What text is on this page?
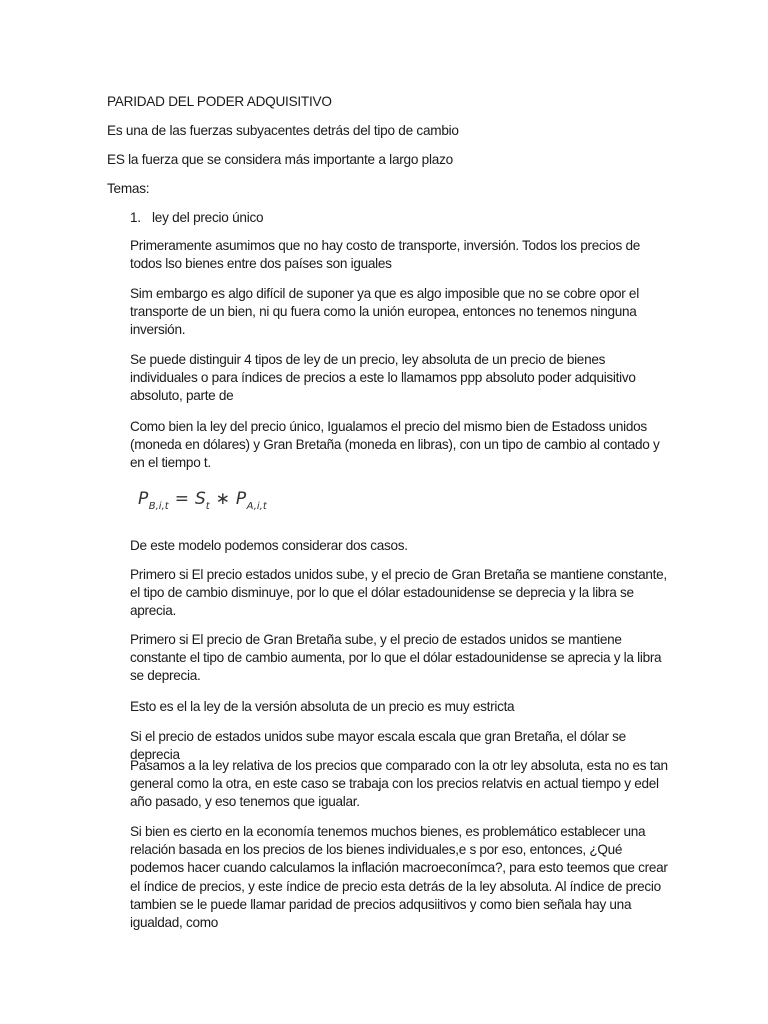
PARIDAD DEL PODER ADQUISITIVO
Es una de las fuerzas subyacentes detrás del tipo de cambio
ES la fuerza que se considera más importante a largo plazo
Temas:
1. ley del precio único

Primeramente asumimos que no hay costo de transporte, inversión. Todos los precios de todos lso bienes entre dos países son iguales

Sim embargo es algo difícil de suponer ya que es algo imposible que no se cobre opor el transporte de un bien, ni qu fuera como la unión europea, entonces no tenemos ninguna inversión.

Se puede distinguir 4 tipos de ley de un precio, ley absoluta de un precio de bienes individuales o para índices de precios a este lo llamamos ppp absoluto poder adquisitivo absoluto, parte de

Como bien la ley del precio único, Igualamos el precio del mismo bien de Estadoss unidos (moneda en dólares) y Gran Bretaña (moneda en libras), con un tipo de cambio al contado y en el tiempo t.

$P_{B,i,t} = S_t$ ∗ $P_{A,i,t}$

De este modelo podemos considerar dos casos.

Primero si El precio estados unidos sube, y el precio de Gran Bretaña se mantiene constante, el tipo de cambio disminuye, por lo que el dólar estadounidense se deprecia y la libra se aprecia.

Primero si El precio de Gran Bretaña sube, y el precio de estados unidos se mantiene constante el tipo de cambio aumenta, por lo que el dólar estadounidense se aprecia y la libra se deprecia.

Esto es el la ley de la versión absoluta de un precio es muy estricta

Si el precio de estados unidos sube mayor escala escala que gran Bretaña, el dólar se deprecia

Pasamos a la ley relativa de los precios que comparado con la otr ley absoluta, esta no es tan general como la otra, en este caso se trabaja con los precios relatvis en actual tiempo y edel año pasado, y eso tenemos que igualar.

Si bien es cierto en la economía tenemos muchos bienes, es problemático establecer una relación basada en los precios de los bienes individuales,e s por eso, entonces, ¿Qué podemos hacer cuando calculamos la inflación macroeconímca?, para esto teemos que crear el índice de precios, y este índice de precio esta detrás de la ley absoluta. Al índice de precio tambien se le puede llamar paridad de precios adqusiitivos y como bien señala hay una igualdad, como
